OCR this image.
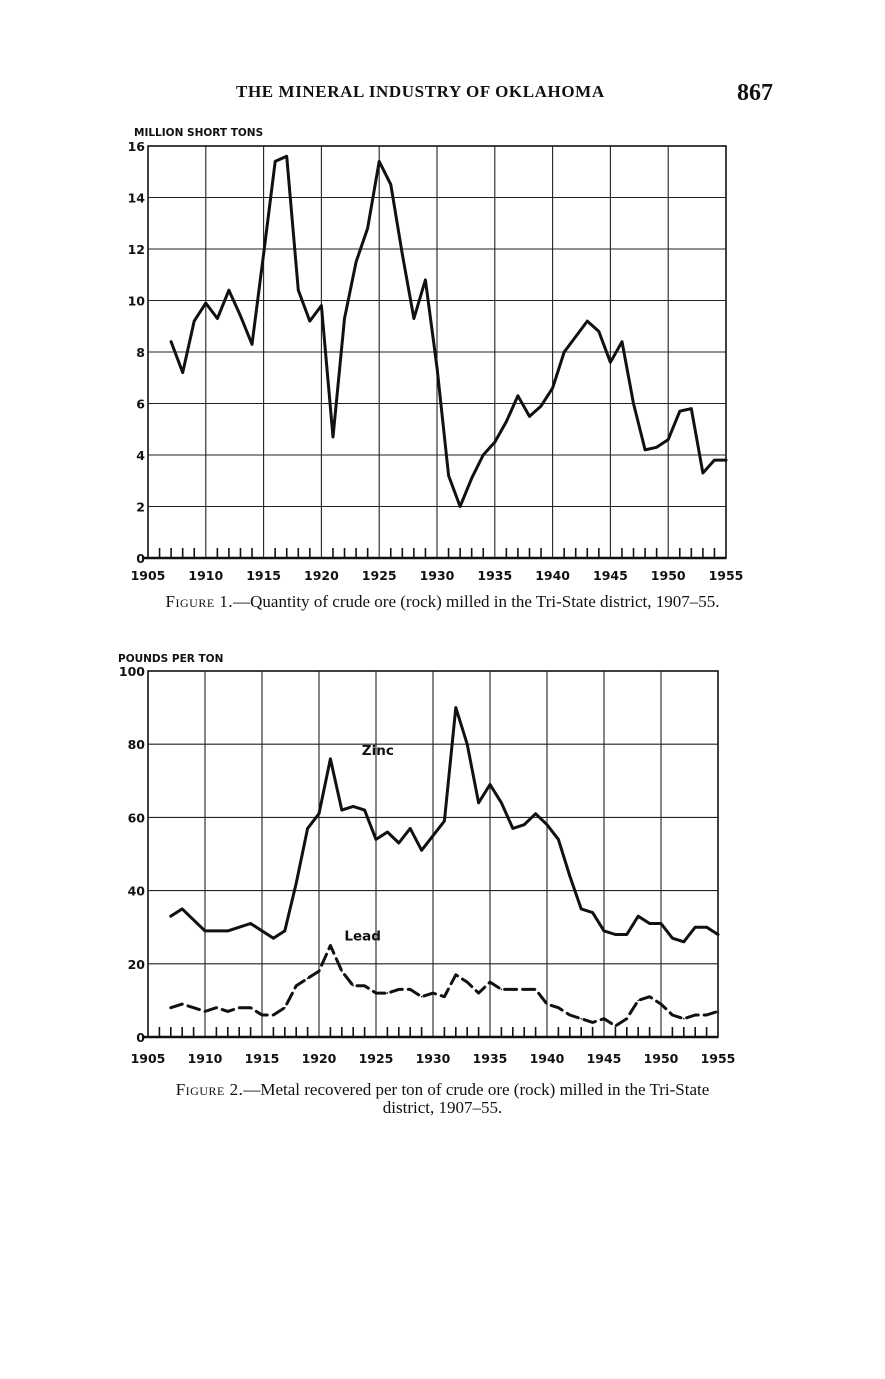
THE MINERAL INDUSTRY OF OKLAHOMA	867
MILLION SHORT TONS
0
2
4
6
8
10
12
14
16
1905 1910 1915 1920 1925 1930 1935 1940 1945 1950 1955
POUNDS PER TON
0
20
40
60
80
100
1905 1910 1915 1920 1925 1930 1935 1940 1945 1950 1955
Zinc
Lead
Figure 1.—Quantity of crude ore (rock) milled in the Tri-State district, 1907–55.
Figure 2.—Metal recovered per ton of crude ore (rock) milled in the Tri-State
district, 1907–55.
